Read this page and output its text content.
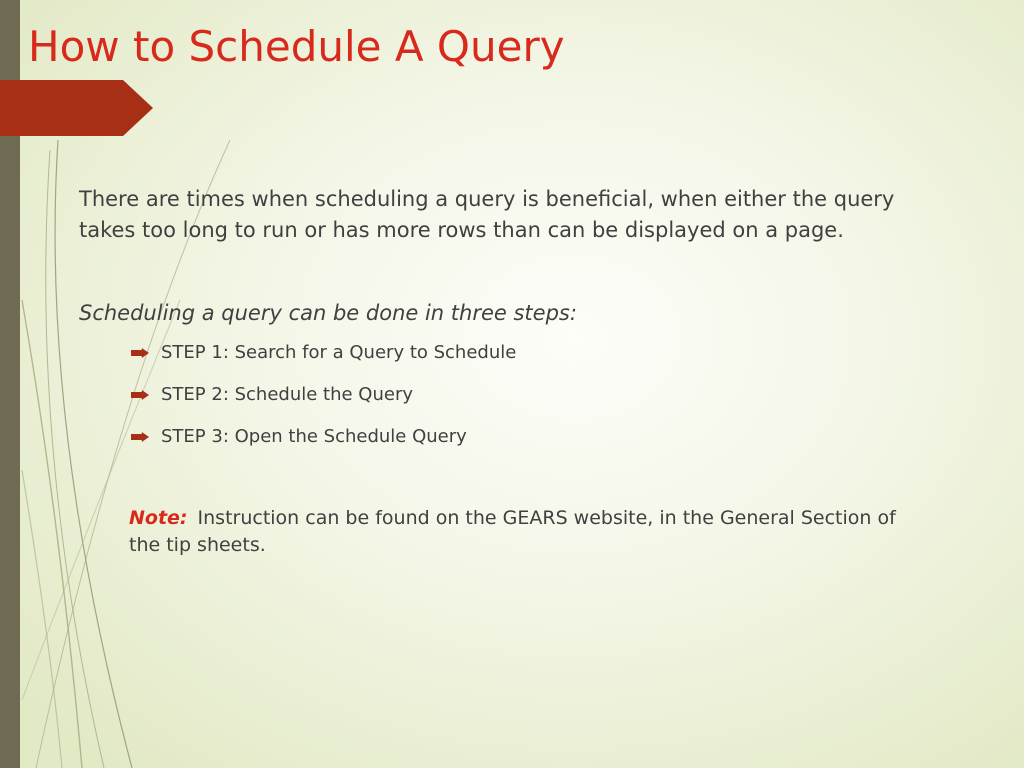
How to Schedule A Query

There are times when scheduling a query is beneficial, when either the query takes too long to run or has more rows than can be displayed on a page.

Scheduling a query can be done in three steps:

STEP 1: Search for a Query to Schedule
STEP 2: Schedule the Query
STEP 3: Open the Schedule Query

Note: Instruction can be found on the GEARS website, in the General Section of the tip sheets.
